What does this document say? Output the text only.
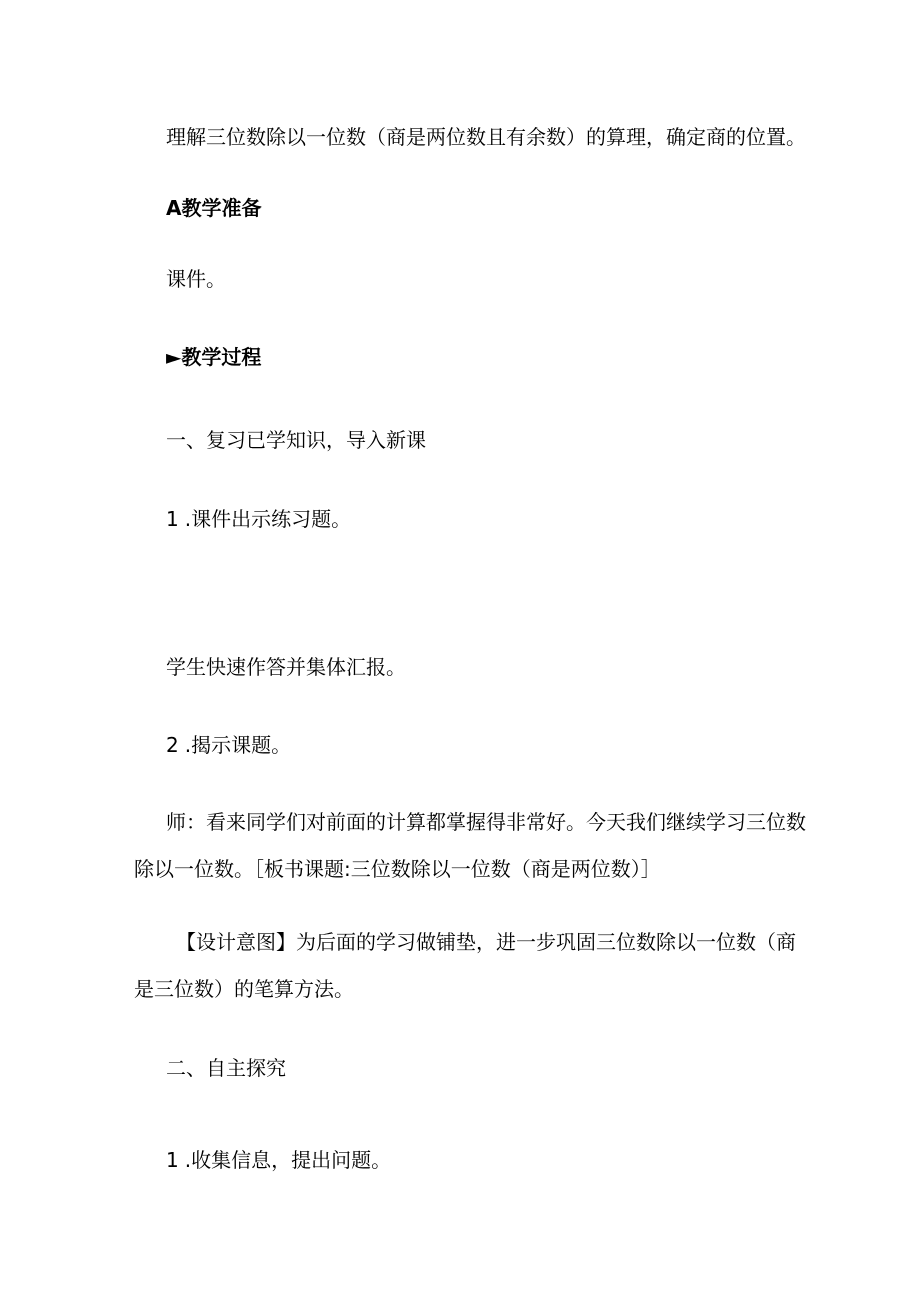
理解三位数除以一位数（商是两位数且有余数）的算理，确定商的位置。
A教学准备
课件。
►教学过程
一、复习已学知识，导入新课
1.课件出示练习题。
学生快速作答并集体汇报。
2.揭示课题。
师：看来同学们对前面的计算都掌握得非常好。今天我们继续学习三位数
除以一位数。［板书课题:三位数除以一位数（商是两位数）］
【设计意图】为后面的学习做铺垫，进一步巩固三位数除以一位数（商
是三位数）的笔算方法。
二、自主探究
1.收集信息，提出问题。
